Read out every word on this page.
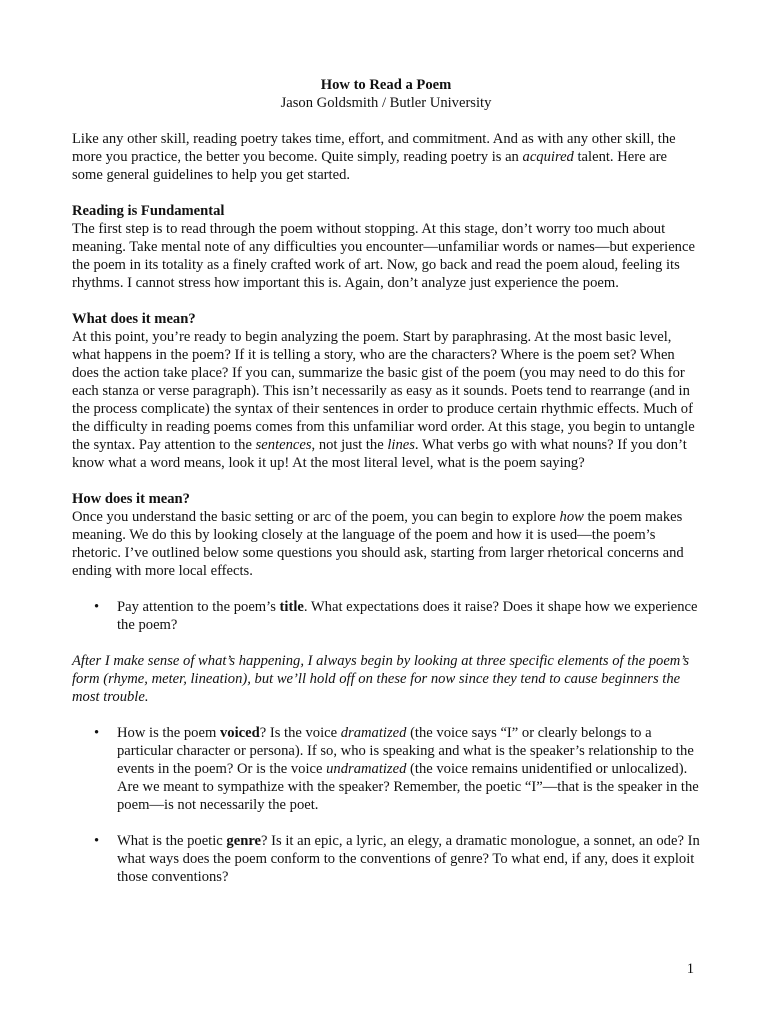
How to Read a Poem
Jason Goldsmith / Butler University

Like any other skill, reading poetry takes time, effort, and commitment. And as with any other skill, the more you practice, the better you become. Quite simply, reading poetry is an acquired talent. Here are some general guidelines to help you get started.

Reading is Fundamental
The first step is to read through the poem without stopping. At this stage, don’t worry too much about meaning. Take mental note of any difficulties you encounter—unfamiliar words or names—but experience the poem in its totality as a finely crafted work of art. Now, go back and read the poem aloud, feeling its rhythms. I cannot stress how important this is. Again, don’t analyze just experience the poem.

What does it mean?
At this point, you’re ready to begin analyzing the poem. Start by paraphrasing. At the most basic level, what happens in the poem? If it is telling a story, who are the characters? Where is the poem set? When does the action take place? If you can, summarize the basic gist of the poem (you may need to do this for each stanza or verse paragraph). This isn’t necessarily as easy as it sounds. Poets tend to rearrange (and in the process complicate) the syntax of their sentences in order to produce certain rhythmic effects. Much of the difficulty in reading poems comes from this unfamiliar word order. At this stage, you begin to untangle the syntax. Pay attention to the sentences, not just the lines. What verbs go with what nouns? If you don’t know what a word means, look it up! At the most literal level, what is the poem saying?

How does it mean?
Once you understand the basic setting or arc of the poem, you can begin to explore how the poem makes meaning. We do this by looking closely at the language of the poem and how it is used—the poem’s rhetoric. I’ve outlined below some questions you should ask, starting from larger rhetorical concerns and ending with more local effects.

• Pay attention to the poem’s title. What expectations does it raise? Does it shape how we experience the poem?

After I make sense of what’s happening, I always begin by looking at three specific elements of the poem’s form (rhyme, meter, lineation), but we’ll hold off on these for now since they tend to cause beginners the most trouble.

• How is the poem voiced? Is the voice dramatized (the voice says “I” or clearly belongs to a particular character or persona). If so, who is speaking and what is the speaker’s relationship to the events in the poem? Or is the voice undramatized (the voice remains unidentified or unlocalized). Are we meant to sympathize with the speaker? Remember, the poetic “I”—that is the speaker in the poem—is not necessarily the poet.
• What is the poetic genre? Is it an epic, a lyric, an elegy, a dramatic monologue, a sonnet, an ode? In what ways does the poem conform to the conventions of genre? To what end, if any, does it exploit those conventions?
1
